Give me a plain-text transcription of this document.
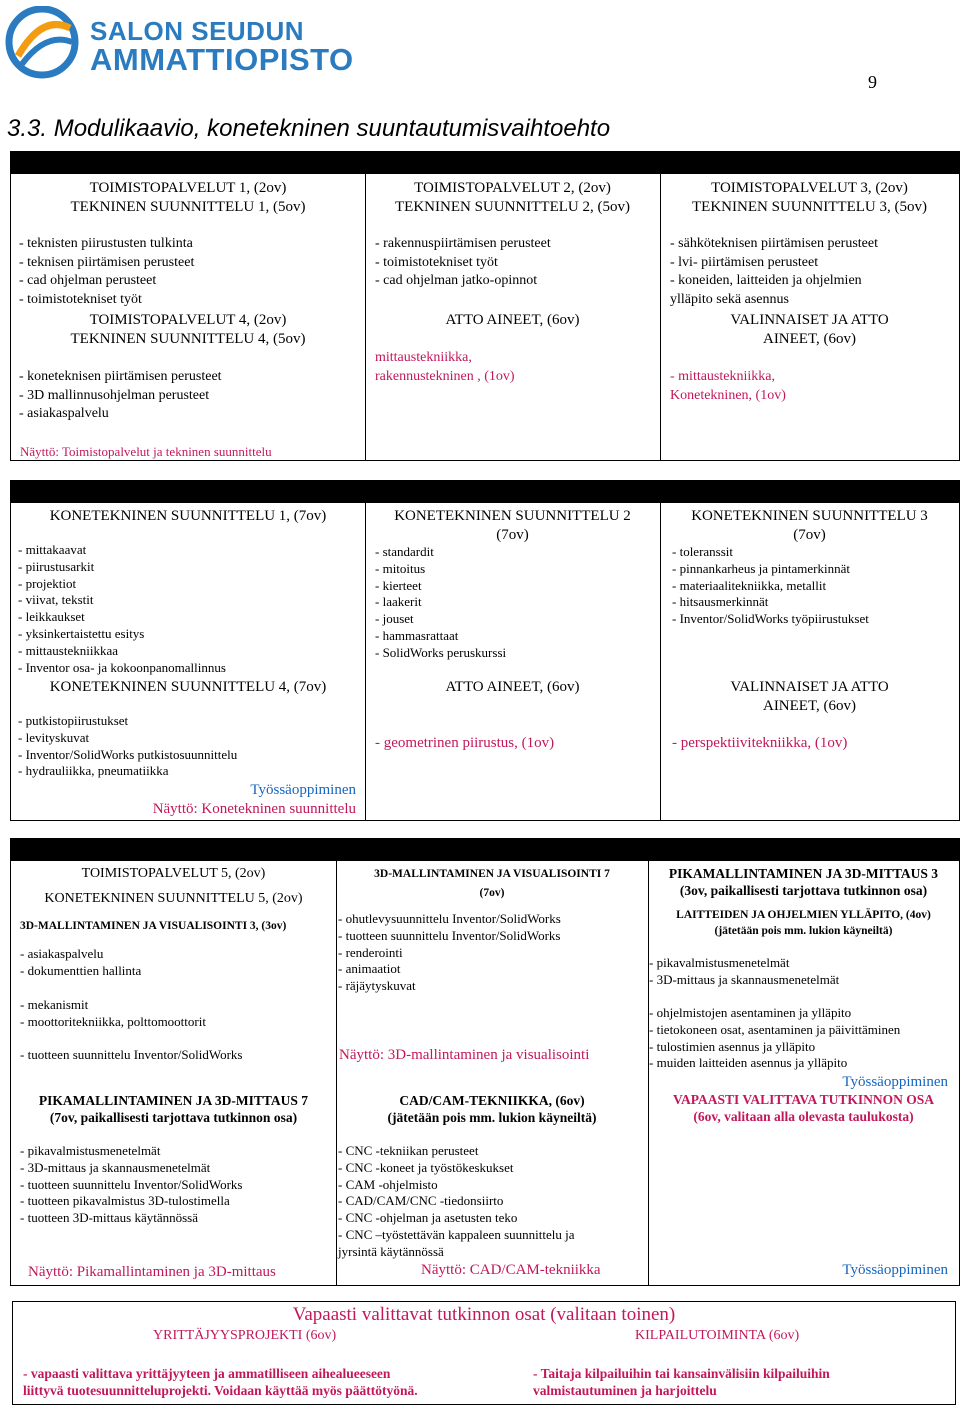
SALON SEUDUN
AMMATTIOPISTO
9
3.3. Modulikaavio, konetekninen suuntautumisvaihtoehto
1. vuosi
TOIMISTOPALVELUT 1, (2ov)
TEKNINEN SUUNNITTELU 1, (5ov)
- teknisten piirustusten tulkinta
- teknisen piirtämisen perusteet
- cad ohjelman perusteet
- toimistotekniset työt
TOIMISTOPALVELUT 4, (2ov)
TEKNINEN SUUNNITTELU 4, (5ov)
- koneteknisen piirtämisen perusteet
- 3D mallinnusohjelman perusteet
- asiakaspalvelu
Näyttö: Toimistopalvelut ja tekninen suunnittelu
TOIMISTOPALVELUT 2, (2ov)
TEKNINEN SUUNNITTELU 2, (5ov)
- rakennuspiirtämisen perusteet
- toimistotekniset työt
- cad ohjelman jatko-opinnot
ATTO AINEET, (6ov)
mittaustekniikka,
rakennustekninen , (1ov)
TOIMISTOPALVELUT 3, (2ov)
TEKNINEN SUUNNITTELU 3, (5ov)
- sähköteknisen piirtämisen perusteet
- lvi- piirtämisen perusteet
- koneiden, laitteiden ja ohjelmien
ylläpito sekä asennus
VALINNAISET JA ATTO
AINEET, (6ov)
- mittaustekniikka,
Konetekninen, (1ov)
2. vuosi
KONETEKNINEN SUUNNITTELU 1, (7ov)
- mittakaavat
- piirustusarkit
- projektiot
- viivat, tekstit
- leikkaukset
- yksinkertaistettu esitys
- mittaustekniikkaa
- Inventor osa- ja kokoonpanomallinnus
KONETEKNINEN SUUNNITTELU 4, (7ov)
- putkistopiirustukset
- levityskuvat
- Inventor/SolidWorks putkistosuunnittelu
- hydrauliikka, pneumatiikka
Työssäoppiminen
Näyttö: Konetekninen suunnittelu
KONETEKNINEN SUUNNITTELU 2
(7ov)
- standardit
- mitoitus
- kierteet
- laakerit
- jouset
- hammasrattaat
- SolidWorks peruskurssi
ATTO AINEET, (6ov)
- geometrinen piirustus, (1ov)
KONETEKNINEN SUUNNITTELU 3
(7ov)
- toleranssit
- pinnankarheus ja pintamerkinnät
- materiaalitekniikka, metallit
- hitsausmerkinnät
- Inventor/SolidWorks työpiirustukset
VALINNAISET JA ATTO
AINEET, (6ov)
- perspektiivitekniikka, (1ov)
3. vuosi
TOIMISTOPALVELUT 5, (2ov)
KONETEKNINEN SUUNNITTELU 5, (2ov)
3D-MALLINTAMINEN JA VISUALISOINTI 3, (3ov)
- asiakaspalvelu
- dokumenttien hallinta
- mekanismit
- moottoritekniikka, polttomoottorit
- tuotteen suunnittelu Inventor/SolidWorks
PIKAMALLINTAMINEN JA 3D-MITTAUS 7
(7ov, paikallisesti tarjottava tutkinnon osa)
- pikavalmistusmenetelmät
- 3D-mittaus ja skannausmenetelmät
- tuotteen suunnittelu Inventor/SolidWorks
- tuotteen pikavalmistus 3D-tulostimella
- tuotteen 3D-mittaus käytännössä
Näyttö: Pikamallintaminen ja 3D-mittaus
3D-MALLINTAMINEN JA VISUALISOINTI 7
(7ov)
- ohutlevysuunnittelu Inventor/SolidWorks
- tuotteen suunnittelu Inventor/SolidWorks
- renderointi
- animaatiot
- räjäytyskuvat
Näyttö: 3D-mallintaminen ja visualisointi
CAD/CAM-TEKNIIKKA, (6ov)
(jätetään pois mm. lukion käyneiltä)
- CNC -tekniikan perusteet
- CNC -koneet ja työstökeskukset
- CAM -ohjelmisto
- CAD/CAM/CNC -tiedonsiirto
- CNC -ohjelman ja asetusten teko
- CNC –työstettävän kappaleen suunnittelu ja
jyrsintä käytännössä
Näyttö: CAD/CAM-tekniikka
PIKAMALLINTAMINEN JA 3D-MITTAUS 3
(3ov, paikallisesti tarjottava tutkinnon osa)
LAITTEIDEN JA OHJELMIEN YLLÄPITO, (4ov)
(jätetään pois mm. lukion käyneiltä)
- pikavalmistusmenetelmät
- 3D-mittaus ja skannausmenetelmät
- ohjelmistojen asentaminen ja ylläpito
- tietokoneen osat, asentaminen ja päivittäminen
- tulostimien asennus ja ylläpito
- muiden laitteiden asennus ja ylläpito
Työssäoppiminen
VAPAASTI VALITTAVA TUTKINNON OSA
(6ov, valitaan alla olevasta taulukosta)
Työssäoppiminen
Vapaasti valittavat tutkinnon osat (valitaan toinen)
YRITTÄJYYSPROJEKTI (6ov)	KILPAILUTOIMINTA (6ov)
- vapaasti valittava yrittäjyyteen ja ammatilliseen aihealueeseen
liittyvä tuotesuunnitteluprojekti. Voidaan käyttää myös päättötyönä.
- Taitaja kilpailuihin tai kansainvälisiin kilpailuihin
valmistautuminen ja harjoittelu
